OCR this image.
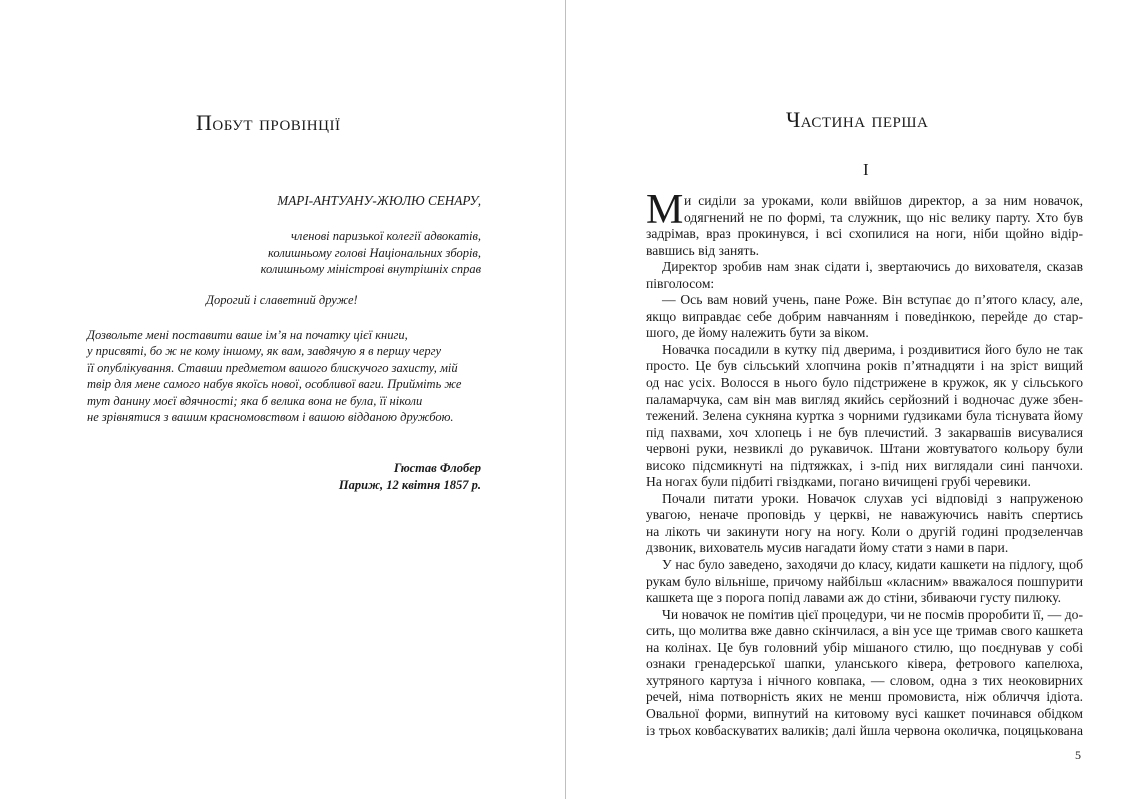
Побут провінції
МАРІ-АНТУАНУ-ЖЮЛЮ СЕНАРУ,
членові паризької колегії адвокатів,
колишньому голові Національних зборів,
колишньому міністрові внутрішніх справ
Дорогий і славетний друже!
Дозвольте мені поставити ваше ім’я на початку цієї книги,
у присвяті, бо ж не кому іншому, як вам, завдячую я в першу чергу
її опублікування. Ставши предметом вашого блискучого захисту, мій
твір для мене самого набув якоїсь нової, особливої ваги. Прийміть же
тут данину моєї вдячності; яка б велика вона не була, її ніколи
не зрівнятися з вашим красномовством і вашою відданою дружбою.
Гюстав Флобер
Париж, 12 квітня 1857 р.
Частина перша
I
М и сиділи за уроками, коли ввійшов директор, а за ним новачок,
одягнений не по формі, та служник, що ніс велику парту. Хто був
задрімав, враз прокинувся, і всі схопилися на ноги, ніби щойно відір-
вавшись від занять.
Директор зробив нам знак сідати і, звертаючись до вихователя, сказав
півголосом:
— Ось вам новий учень, пане Роже. Він вступає до п’ятого класу, але,
якщо виправдає себе добрим навчанням і поведінкою, перейде до стар-
шого, де йому належить бути за віком.
Новачка посадили в кутку під дверима, і роздивитися його було не так
просто. Це був сільський хлопчина років п’ятнадцяти і на зріст вищий
од нас усіх. Волосся в нього було підстрижене в кружок, як у сільського
паламарчука, сам він мав вигляд якийсь серйозний і водночас дуже збен-
тежений. Зелена сукняна куртка з чорними ґудзиками була тіснувата йому
під пахвами, хоч хлопець і не був плечистий. З закарвашів висувалися
червоні руки, незвиклі до рукавичок. Штани жовтуватого кольору були
високо підсмикнуті на підтяжках, і з-під них виглядали сині панчохи.
На ногах були підбиті гвіздками, погано вичищені грубі черевики.
Почали питати уроки. Новачок слухав усі відповіді з напруженою
увагою, неначе проповідь у церкві, не наважуючись навіть спертись
на лікоть чи закинути ногу на ногу. Коли о другій годині продзеленчав
дзвоник, вихователь мусив нагадати йому стати з нами в пари.
У нас було заведено, заходячи до класу, кидати кашкети на підлогу, щоб
рукам було вільніше, причому найбільш «класним» вважалося пошпурити
кашкета ще з порога попід лавами аж до стіни, збиваючи густу пилюку.
Чи новачок не помітив цієї процедури, чи не посмів проробити її, — до-
сить, що молитва вже давно скінчилася, а він усе ще тримав свого кашкета
на колінах. Це був головний убір мішаного стилю, що поєднував у собі
ознаки гренадерської шапки, уланського ківера, фетрового капелюха,
хутряного картуза і нічного ковпака, — словом, одна з тих неоковирних
речей, німа потворність яких не менш промовиста, ніж обличчя ідіота.
Овальної форми, випнутий на китовому вусі кашкет починався обідком
із трьох ковбаскуватих валиків; далі йшла червона околичка, поцяцькована
5
